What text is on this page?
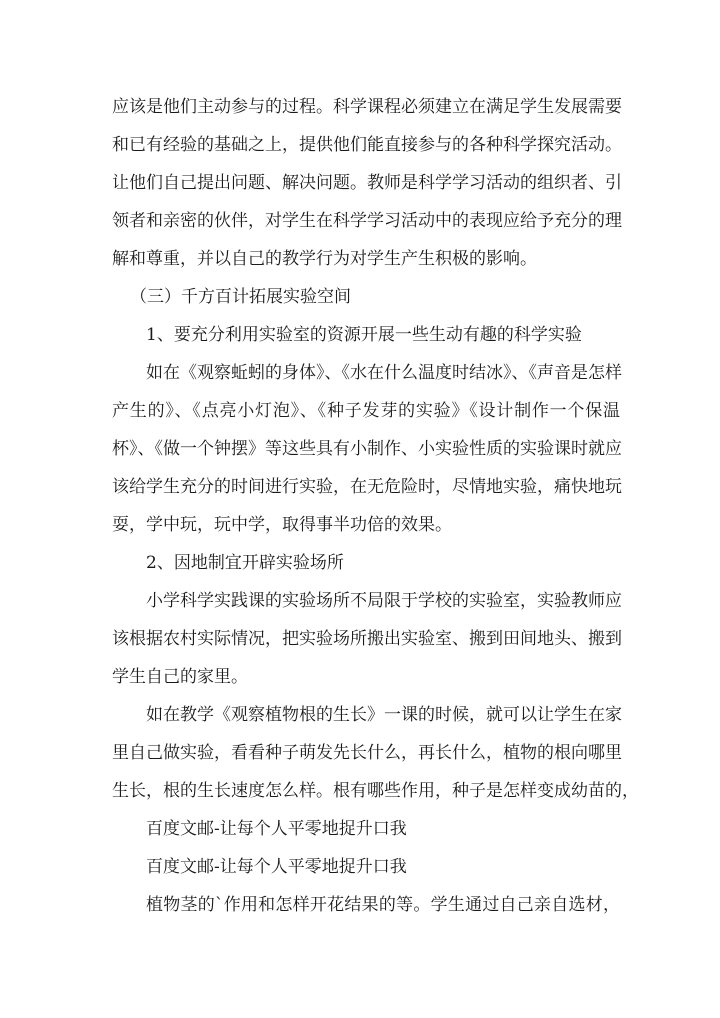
应该是他们主动参与的过程。科学课程必须建立在满足学生发展需要
和已有经验的基础之上，提供他们能直接参与的各种科学探究活动。
让他们自己提出问题、解决问题。教师是科学学习活动的组织者、引
领者和亲密的伙伴，对学生在科学学习活动中的表现应给予充分的理
解和尊重，并以自己的教学行为对学生产生积极的影响。
（三）千方百计拓展实验空间
1、要充分利用实验室的资源开展一些生动有趣的科学实验
如在《观察蚯蚓的身体》、《水在什么温度时结冰》、《声音是怎样
产生的》、《点亮小灯泡》、《种子发芽的实验》《设计制作一个保温
杯》、《做一个钟摆》等这些具有小制作、小实验性质的实验课时就应
该给学生充分的时间进行实验，在无危险时，尽情地实验，痛快地玩
耍，学中玩，玩中学，取得事半功倍的效果。
2、因地制宜开辟实验场所
小学科学实践课的实验场所不局限于学校的实验室，实验教师应
该根据农村实际情况，把实验场所搬出实验室、搬到田间地头、搬到
学生自己的家里。
如在教学《观察植物根的生长》一课的时候，就可以让学生在家
里自己做实验，看看种子萌发先长什么，再长什么，植物的根向哪里
生长，根的生长速度怎么样。根有哪些作用，种子是怎样变成幼苗的，
百度文邮-让每个人平零地捉升口我
百度文邮-让每个人平零地捉升口我
植物茎的`作用和怎样开花结果的等。学生通过自己亲自选材，
